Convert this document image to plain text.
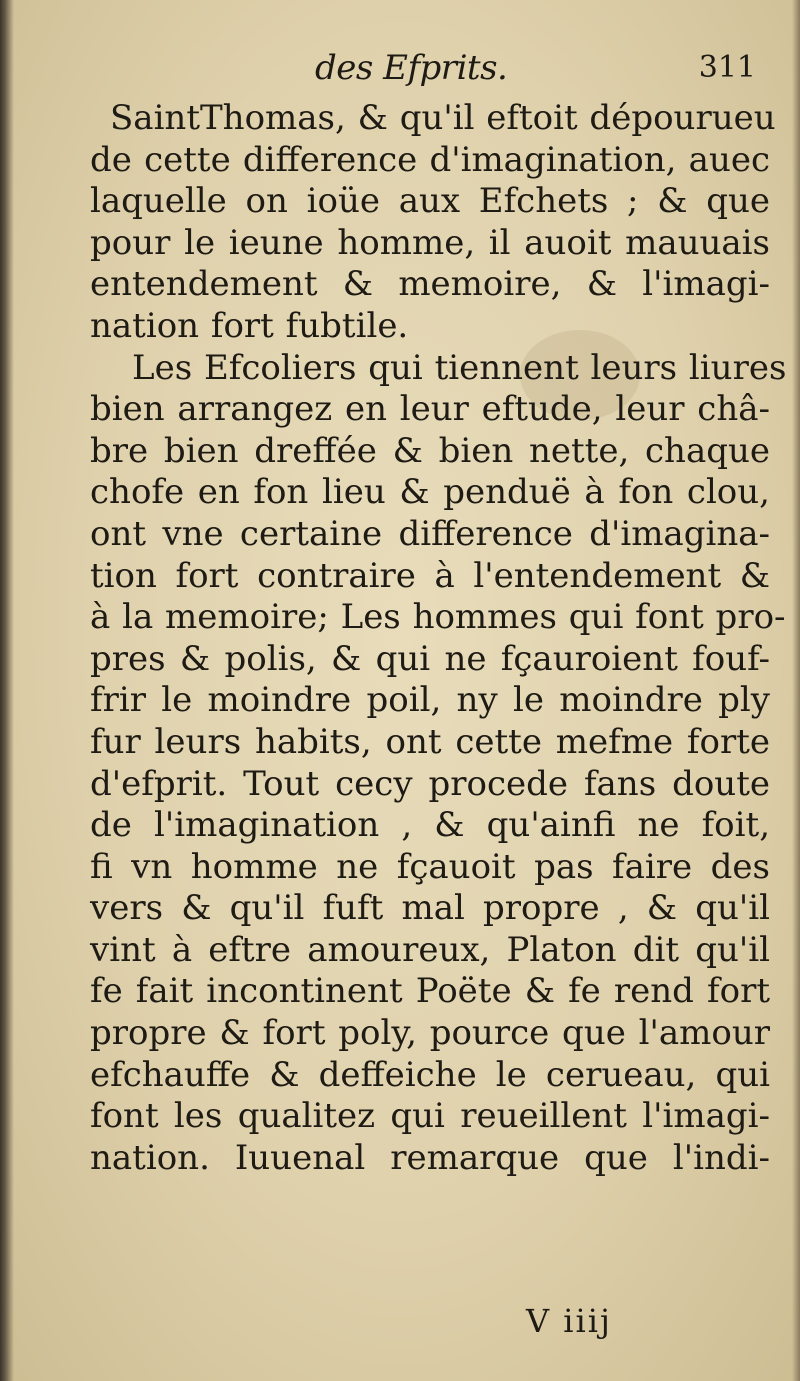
des Efprits.	311
SaintThomas, & qu'il eftoit dépourueu
de cette difference d'imagination, auec
laquelle on ioüe aux Efchets ; & que
pour le ieune homme, il auoit mauuais
entendement & memoire, & l'imagi-
nation fort fubtile.
Les Efcoliers qui tiennent leurs liures
bien arrangez en leur eftude, leur châ-
bre bien dreffée & bien nette, chaque
chofe en fon lieu & penduë à fon clou,
ont vne certaine difference d'imagina-
tion fort contraire à l'entendement &
à la memoire; Les hommes qui font pro-
pres & polis, & qui ne fçauroient fouf-
frir le moindre poil, ny le moindre ply
fur leurs habits, ont cette mefme forte
d'efprit. Tout cecy procede fans doute
de l'imagination , & qu'ainfi ne foit,
fi vn homme ne fçauoit pas faire des
vers & qu'il fuft mal propre , & qu'il
vint à eftre amoureux, Platon dit qu'il
fe fait incontinent Poëte & fe rend fort
propre & fort poly, pource que l'amour
efchauffe & deffeiche le cerueau, qui
font les qualitez qui reueillent l'imagi-
nation. Iuuenal remarque que l'indi-
V iiij
